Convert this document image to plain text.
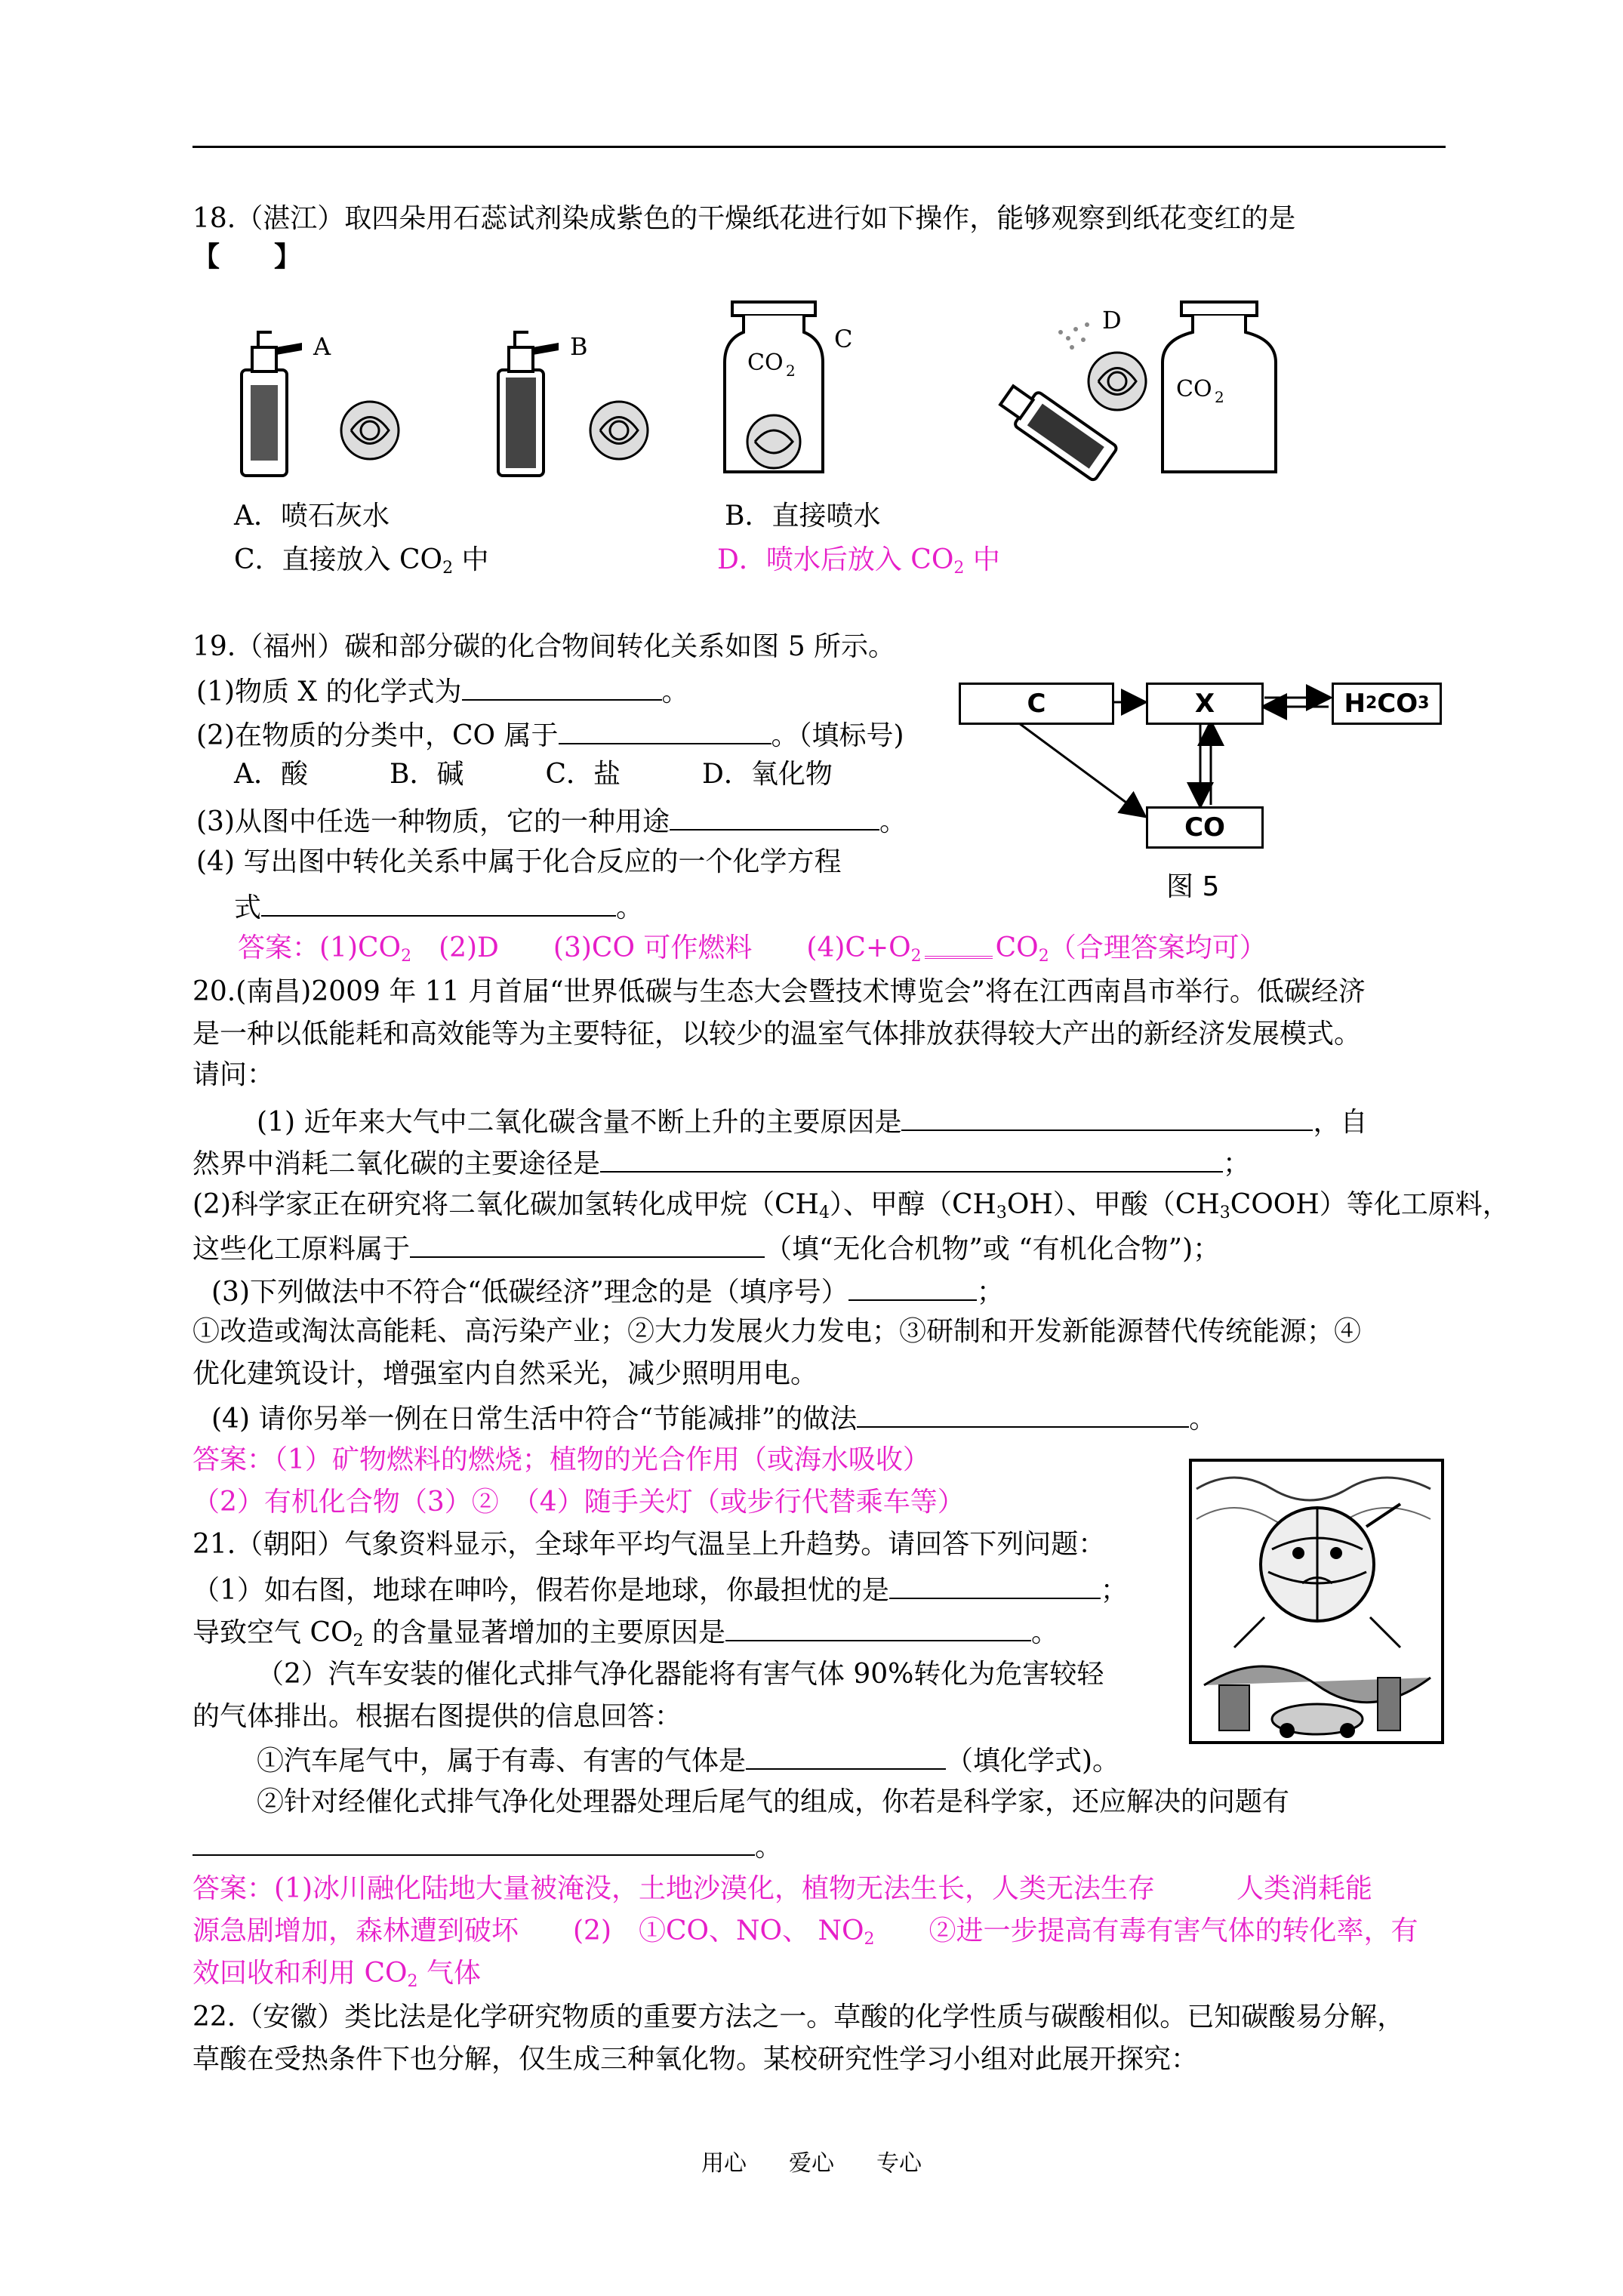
18.（湛江）取四朵用石蕊试剂染成紫色的干燥纸花进行如下操作，能够观察到纸花变红的是
【　　】
A	B
CO 2
C
D
CO 2
A．喷石灰水	B．直接喷水
C．直接放入 $CO_2$ 中	D．喷水后放入 $CO_2$ 中
19.（福州）碳和部分碳的化合物间转化关系如图 5 所示。
(1)物质 X 的化学式为	。
(2)在物质的分类中，CO 属于	。（填标号)
A．酸　　　B．碱　　　C．盐　　　D．氧化物
(3)从图中任选一种物质，它的一种用途	。
(4) 写出图中转化关系中属于化合反应的一个化学方程
式	。
C	X	H 2 CO 3
CO
图 5
答案：$(1)CO_2$　(2)D　　(3)CO 可作燃料　　$(4)C+O_2$	$CO_2$（合理答案均可）
20.(南昌)2009 年 11 月首届“世界低碳与生态大会暨技术博览会”将在江西南昌市举行。低碳经济
是一种以低能耗和高效能等为主要特征，以较少的温室气体排放获得较大产出的新经济发展模式。
请问：
(1) 近年来大气中二氧化碳含量不断上升的主要原因是	，自
然界中消耗二氧化碳的主要途径是	；
(2)科学家正在研究将二氧化碳加氢转化成甲烷$(CH_4)$、甲醇$(CH_3OH)$、甲酸$(CH_3COOH)$等化工原料，
这些化工原料属于	（填“无化合机物”或 “有机化合物”)；
(3)下列做法中不符合“低碳经济”理念的是（填序号）	；
①改造或淘汰高能耗、高污染产业；②大力发展火力发电；③研制和开发新能源替代传统能源；④
优化建筑设计，增强室内自然采光，减少照明用电。
(4) 请你另举一例在日常生活中符合“节能减排”的做法	。
答案：（1）矿物燃料的燃烧；植物的光合作用（或海水吸收）
（2）有机化合物（3）②　（4）随手关灯（或步行代替乘车等）
21.（朝阳）气象资料显示，全球年平均气温呈上升趋势。请回答下列问题：
（1）如右图，地球在呻吟，假若你是地球，你最担忧的是	；
导致空气 $CO_2$ 的含量显著增加的主要原因是	。
（2）汽车安装的催化式排气净化器能将有害气体 90%转化为危害较轻
的气体排出。根据右图提供的信息回答：
①汽车尾气中，属于有毒、有害的气体是	（填化学式)。
②针对经催化式排气净化处理器处理后尾气的组成，你若是科学家，还应解决的问题有
。
答案：(1)冰川融化陆地大量被淹没，土地沙漠化，植物无法生长，人类无法生存　　　人类消耗能
源急剧增加，森林遭到破坏　　(2)　①CO、NO、 $NO_2$　　②进一步提高有毒有害气体的转化率，有
效回收和利用 $CO_2$ 气体
22.（安徽）类比法是化学研究物质的重要方法之一。草酸的化学性质与碳酸相似。已知碳酸易分解，
草酸在受热条件下也分解，仅生成三种氧化物。某校研究性学习小组对此展开探究：
用心 爱心 专心
